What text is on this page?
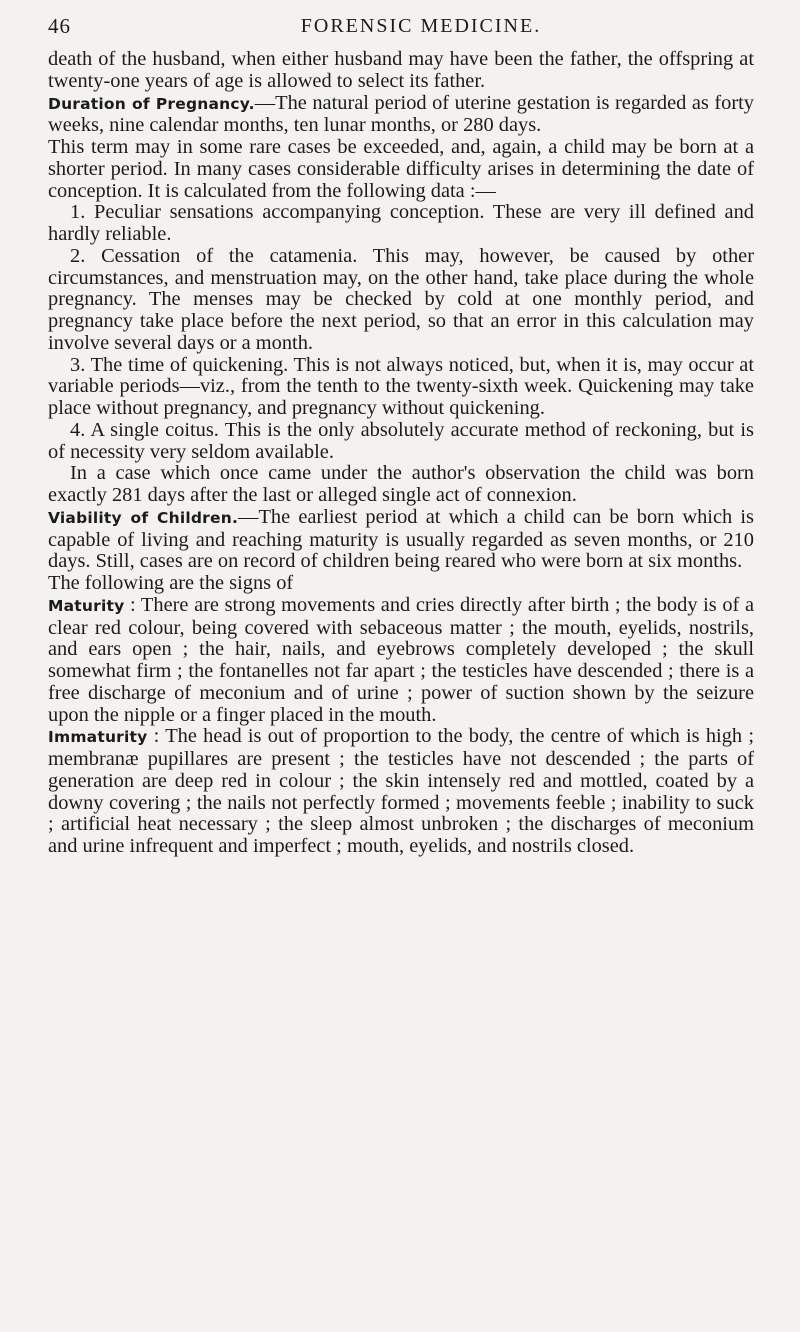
46	FORENSIC MEDICINE.

death of the husband, when either husband may have been the father, the offspring at twenty-one years of age is allowed to select its father.

Duration of Pregnancy.—The natural period of uterine gestation is regarded as forty weeks, nine calendar months, ten lunar months, or 280 days.

This term may in some rare cases be exceeded, and, again, a child may be born at a shorter period. In many cases considerable difficulty arises in determining the date of conception. It is calculated from the following data :—

1. Peculiar sensations accompanying conception. These are very ill defined and hardly reliable.

2. Cessation of the catamenia. This may, however, be caused by other circumstances, and menstruation may, on the other hand, take place during the whole pregnancy. The menses may be checked by cold at one monthly period, and pregnancy take place before the next period, so that an error in this calculation may involve several days or a month.

3. The time of quickening. This is not always noticed, but, when it is, may occur at variable periods—viz., from the tenth to the twenty-sixth week. Quickening may take place without pregnancy, and pregnancy without quickening.

4. A single coitus. This is the only absolutely accurate method of reckoning, but is of necessity very seldom available.

In a case which once came under the author's observation the child was born exactly 281 days after the last or alleged single act of connexion.

Viability of Children.—The earliest period at which a child can be born which is capable of living and reaching maturity is usually regarded as seven months, or 210 days. Still, cases are on record of children being reared who were born at six months.

The following are the signs of

Maturity : There are strong movements and cries directly after birth ; the body is of a clear red colour, being covered with sebaceous matter ; the mouth, eyelids, nostrils, and ears open ; the hair, nails, and eyebrows completely developed ; the skull somewhat firm ; the fontanelles not far apart ; the testicles have descended ; there is a free discharge of meconium and of urine ; power of suction shown by the seizure upon the nipple or a finger placed in the mouth.

Immaturity : The head is out of proportion to the body, the centre of which is high ; membranæ pupillares are present ; the testicles have not descended ; the parts of generation are deep red in colour ; the skin intensely red and mottled, coated by a downy covering ; the nails not perfectly formed ; movements feeble ; inability to suck ; artificial heat necessary ; the sleep almost unbroken ; the discharges of meconium and urine infrequent and imperfect ; mouth, eyelids, and nostrils closed.
